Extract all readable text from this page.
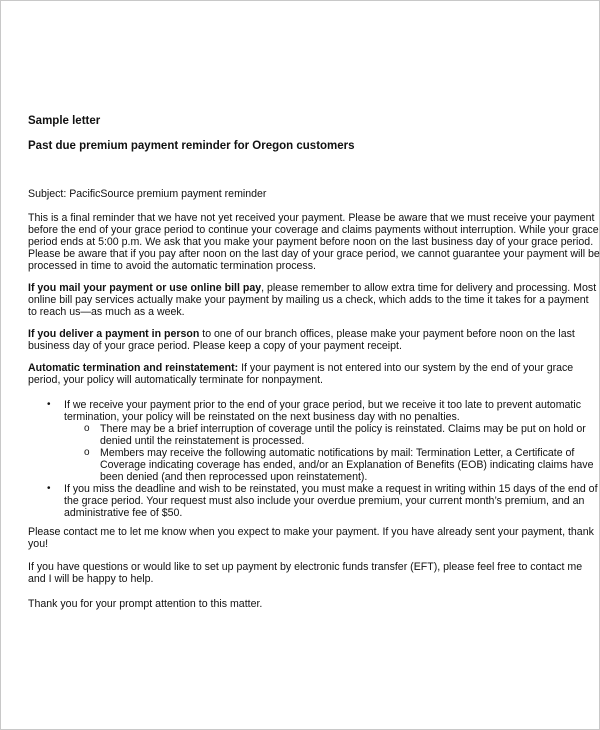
Sample letter
Past due premium payment reminder for Oregon customers
Subject: PacificSource premium payment reminder
This is a final reminder that we have not yet received your payment. Please be aware that we must receive your payment
before the end of your grace period to continue your coverage and claims payments without interruption. While your grace
period ends at 5:00 p.m. We ask that you make your payment before noon on the last business day of your grace period.
Please be aware that if you pay after noon on the last day of your grace period, we cannot guarantee your payment will be
processed in time to avoid the automatic termination process.
If you mail your payment or use online bill pay, please remember to allow extra time for delivery and processing. Most
online bill pay services actually make your payment by mailing us a check, which adds to the time it takes for a payment
to reach us—as much as a week.
If you deliver a payment in person to one of our branch offices, please make your payment before noon on the last
business day of your grace period. Please keep a copy of your payment receipt.
Automatic termination and reinstatement: If your payment is not entered into our system by the end of your grace
period, your policy will automatically terminate for nonpayment.
• If we receive your payment prior to the end of your grace period, but we receive it too late to prevent automatic
termination, your policy will be reinstated on the next business day with no penalties.
o There may be a brief interruption of coverage until the policy is reinstated. Claims may be put on hold or
denied until the reinstatement is processed.
o Members may receive the following automatic notifications by mail: Termination Letter, a Certificate of
Coverage indicating coverage has ended, and/or an Explanation of Benefits (EOB) indicating claims have
been denied (and then reprocessed upon reinstatement).
• If you miss the deadline and wish to be reinstated, you must make a request in writing within 15 days of the end of
the grace period. Your request must also include your overdue premium, your current month’s premium, and an
administrative fee of $50.
Please contact me to let me know when you expect to make your payment. If you have already sent your payment, thank
you!
If you have questions or would like to set up payment by electronic funds transfer (EFT), please feel free to contact me
and I will be happy to help.
Thank you for your prompt attention to this matter.
